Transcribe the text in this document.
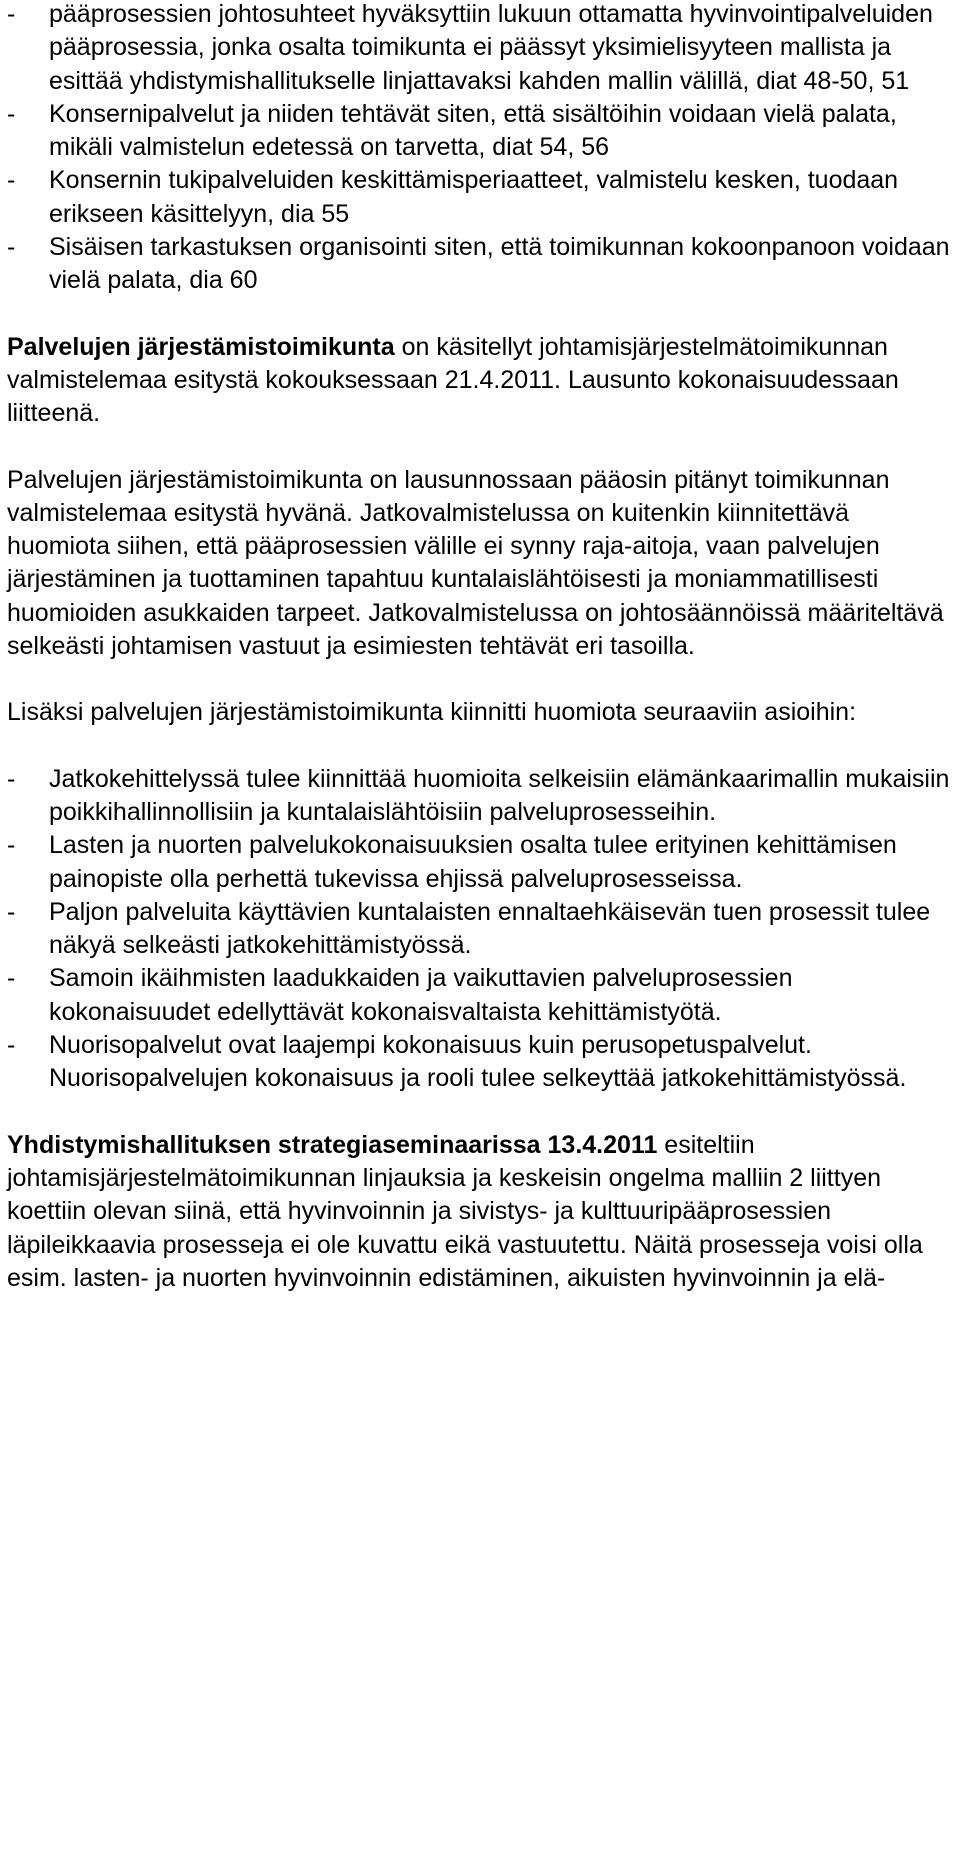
- pääprosessien johtosuhteet hyväksyttiin lukuun ottamatta hyvinvointipalveluiden pääprosessia, jonka osalta toimikunta ei päässyt yksimielisyyteen mallista ja esittää yhdistymishallitukselle linjattavaksi kahden mallin välillä, diat 48-50, 51
- Konsernipalvelut ja niiden tehtävät siten, että sisältöihin voidaan vielä palata, mikäli valmistelun edetessä on tarvetta, diat 54, 56
- Konsernin tukipalveluiden keskittämisperiaatteet, valmistelu kesken, tuodaan erikseen käsittelyyn, dia 55
- Sisäisen tarkastuksen organisointi siten, että toimikunnan kokoonpanoon voidaan vielä palata, dia 60

Palvelujen järjestämistoimikunta on käsitellyt johtamisjärjestelmätoimikunnan valmistelemaa esitystä kokouksessaan 21.4.2011. Lausunto kokonaisuudessaan liitteenä.

Palvelujen järjestämistoimikunta on lausunnossaan pääosin pitänyt toimikunnan valmistelemaa esitystä hyvänä. Jatkovalmistelussa on kuitenkin kiinnitettävä huomiota siihen, että pääprosessien välille ei synny raja-aitoja, vaan palvelujen järjestäminen ja tuottaminen tapahtuu kuntalaislähtöisesti ja moniammatillisesti huomioiden asukkaiden tarpeet. Jatkovalmistelussa on johtosäännöissä määriteltävä selkeästi johtamisen vastuut ja esimiesten tehtävät eri tasoilla.

Lisäksi palvelujen järjestämistoimikunta kiinnitti huomiota seuraaviin asioihin:

- Jatkokehittelyssä tulee kiinnittää huomioita selkeisiin elämänkaarimallin mukaisiin poikkihallinnollisiin ja kuntalaislähtöisiin palveluprosesseihin.
- Lasten ja nuorten palvelukokonaisuuksien osalta tulee erityinen kehittämisen painopiste olla perhettä tukevissa ehjissä palveluprosesseissa.
- Paljon palveluita käyttävien kuntalaisten ennaltaehkäisevän tuen prosessit tulee näkyä selkeästi jatkokehittämistyössä.
- Samoin ikäihmisten laadukkaiden ja vaikuttavien palveluprosessien kokonaisuudet edellyttävät kokonaisvaltaista kehittämistyötä.
- Nuorisopalvelut ovat laajempi kokonaisuus kuin perusopetuspalvelut. Nuorisopalvelujen kokonaisuus ja rooli tulee selkeyttää jatkokehittämistyössä.

Yhdistymishallituksen strategiaseminaarissa 13.4.2011 esiteltiin johtamisjärjestelmätoimikunnan linjauksia ja keskeisin ongelma malliin 2 liittyen koettiin olevan siinä, että hyvinvoinnin ja sivistys- ja kulttuuripääprosessien läpileikkaavia prosesseja ei ole kuvattu eikä vastuutettu. Näitä prosesseja voisi olla esim. lasten- ja nuorten hyvinvoinnin edistäminen, aikuisten hyvinvoinnin ja elä-
